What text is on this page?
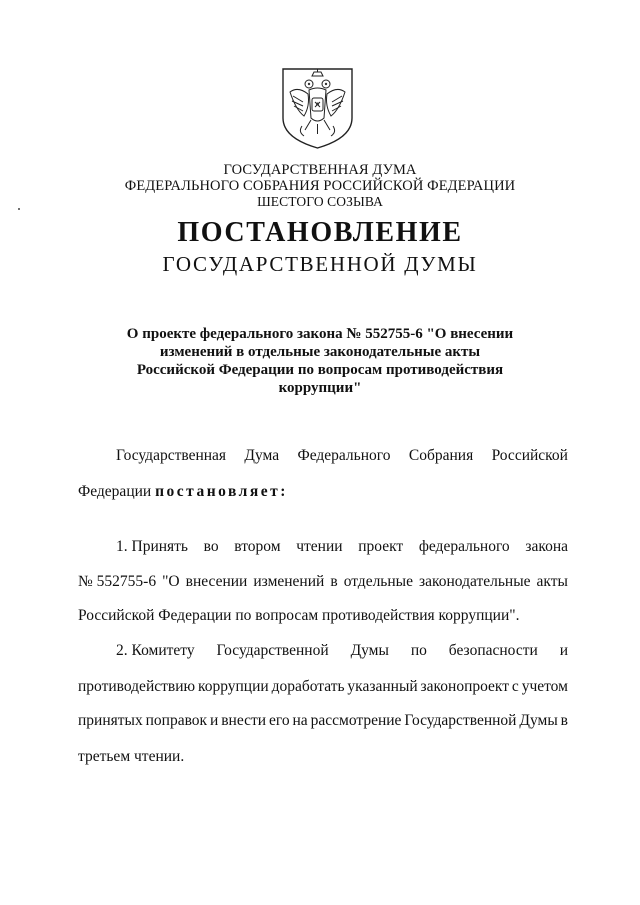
ГОСУДАРСТВЕННАЯ ДУМА
ФЕДЕРАЛЬНОГО СОБРАНИЯ РОССИЙСКОЙ ФЕДЕРАЦИИ
ШЕСТОГО СОЗЫВА
ПОСТАНОВЛЕНИЕ
ГОСУДАРСТВЕННОЙ ДУМЫ
О проекте федерального закона № 552755-6 "О внесении
изменений в отдельные законодательные акты
Российской Федерации по вопросам противодействия
коррупции"
Государственная Дума Федерального Собрания Российской
Федерации постановляет:
1. Принять во втором чтении проект федерального закона
№ 552755-6 "О внесении изменений в отдельные законодательные акты
Российской Федерации по вопросам противодействия коррупции".
2. Комитету Государственной Думы по безопасности и
противодействию коррупции доработать указанный законопроект с учетом
принятых поправок и внести его на рассмотрение Государственной Думы в
третьем чтении.
